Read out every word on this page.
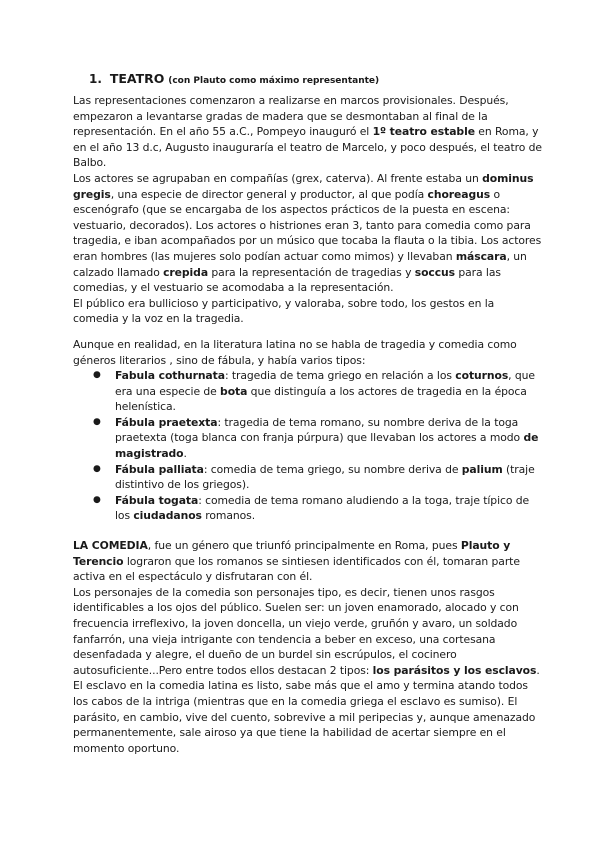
1. TEATRO (con Plauto como máximo representante)

Las representaciones comenzaron a realizarse en marcos provisionales. Después, empezaron a levantarse gradas de madera que se desmontaban al final de la representación. En el año 55 a.C., Pompeyo inauguró el 1º teatro estable en Roma, y en el año 13 d.c, Augusto inauguraría el teatro de Marcelo, y poco después, el teatro de Balbo.

Los actores se agrupaban en compañías (grex, caterva). Al frente estaba un dominus gregis, una especie de director general y productor, al que podía choreagus o escenógrafo (que se encargaba de los aspectos prácticos de la puesta en escena: vestuario, decorados). Los actores o histriones eran 3, tanto para comedia como para tragedia, e iban acompañados por un músico que tocaba la flauta o la tibia. Los actores eran hombres (las mujeres solo podían actuar como mimos) y llevaban máscara, un calzado llamado crepida para la representación de tragedias y soccus para las comedias, y el vestuario se acomodaba a la representación.

El público era bullicioso y participativo, y valoraba, sobre todo, los gestos en la comedia y la voz en la tragedia.

Aunque en realidad, en la literatura latina no se habla de tragedia y comedia como géneros literarios , sino de fábula, y había varios tipos:

● Fabula cothurnata: tragedia de tema griego en relación a los coturnos, que era una especie de bota que distinguía a los actores de tragedia en la época helenística.
● Fábula praetexta: tragedia de tema romano, su nombre deriva de la toga praetexta (toga blanca con franja púrpura) que llevaban los actores a modo de magistrado.
● Fábula palliata: comedia de tema griego, su nombre deriva de palium (traje distintivo de los griegos).
● Fábula togata: comedia de tema romano aludiendo a la toga, traje típico de los ciudadanos romanos.

LA COMEDIA, fue un género que triunfó principalmente en Roma, pues Plauto y Terencio lograron que los romanos se sintiesen identificados con él, tomaran parte activa en el espectáculo y disfrutaran con él.

Los personajes de la comedia son personajes tipo, es decir, tienen unos rasgos identificables a los ojos del público. Suelen ser: un joven enamorado, alocado y con frecuencia irreflexivo, la joven doncella, un viejo verde, gruñón y avaro, un soldado fanfarrón, una vieja intrigante con tendencia a beber en exceso, una cortesana desenfadada y alegre, el dueño de un burdel sin escrúpulos, el cocinero autosuficiente...Pero entre todos ellos destacan 2 tipos: los parásitos y los esclavos. El esclavo en la comedia latina es listo, sabe más que el amo y termina atando todos los cabos de la intriga (mientras que en la comedia griega el esclavo es sumiso). El parásito, en cambio, vive del cuento, sobrevive a mil peripecias y, aunque amenazado permanentemente, sale airoso ya que tiene la habilidad de acertar siempre en el momento oportuno.
